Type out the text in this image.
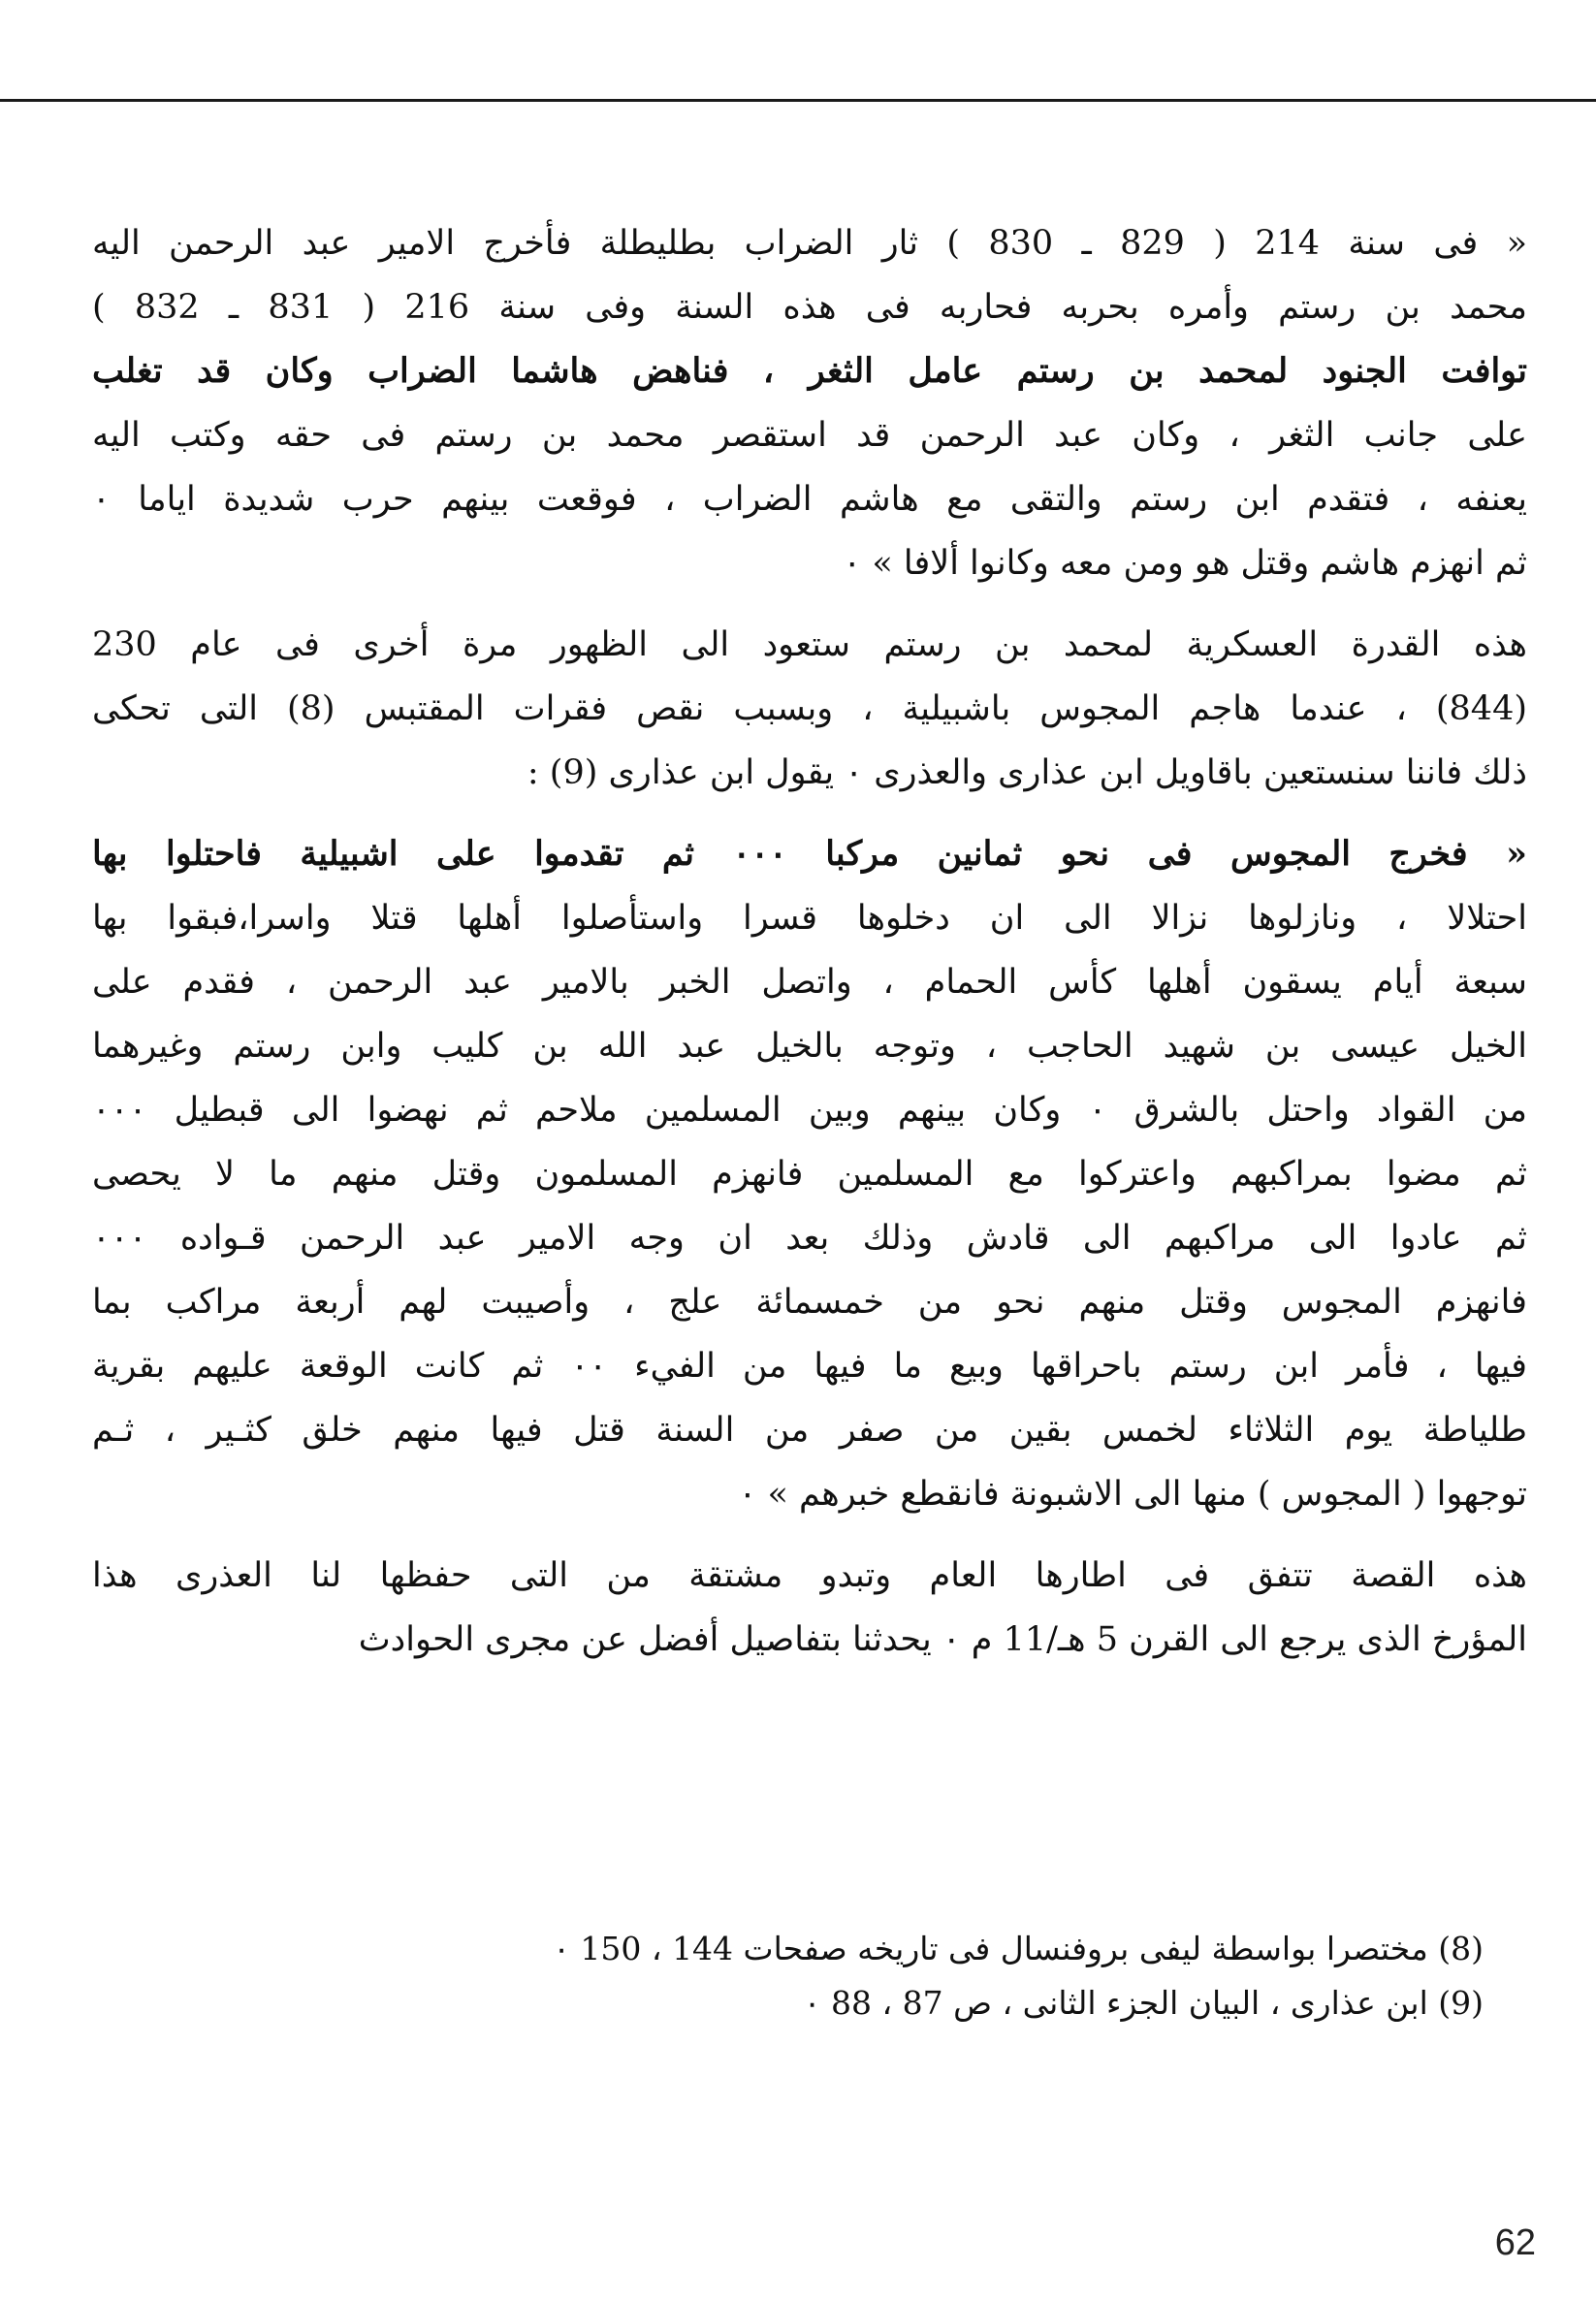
« فى سنة 214 ( 829 ـ 830 ) ثار الضراب بطليطلة فأخرج الامير عبد الرحمن اليه
محمد بن رستم وأمره بحربه فحاربه فى هذه السنة وفى سنة 216 ( 831 ـ 832 )
توافت الجنود لمحمد بن رستم عامل الثغر ، فناهض هاشما الضراب وكان قد تغلب
على جانب الثغر ، وكان عبد الرحمن قد استقصر محمد بن رستم فى حقه وكتب اليه
يعنفه ، فتقدم ابن رستم والتقى مع هاشم الضراب ، فوقعت بينهم حرب شديدة اياما ٠
ثم انهزم هاشم وقتل هو ومن معه وكانوا ألافا » ٠

هذه القدرة العسكرية لمحمد بن رستم ستعود الى الظهور مرة أخرى فى عام 230
(844) ، عندما هاجم المجوس باشبيلية ، وبسبب نقص فقرات المقتبس (8) التى تحكى
ذلك فاننا سنستعين باقاويل ابن عذارى والعذرى ٠ يقول ابن عذارى (9) :

« فخرج المجوس فى نحو ثمانين مركبا ٠٠٠ ثم تقدموا على اشبيلية فاحتلوا بها
احتلالا ، ونازلوها نزالا الى ان دخلوها قسرا واستأصلوا أهلها قتلا واسرا،فبقوا بها
سبعة أيام يسقون أهلها كأس الحمام ، واتصل الخبر بالامير عبد الرحمن ، فقدم على
الخيل عيسى بن شهيد الحاجب ، وتوجه بالخيل عبد الله بن كليب وابن رستم وغيرهما
من القواد واحتل بالشرق ٠ وكان بينهم وبين المسلمين ملاحم ثم نهضوا الى قبطيل ٠٠٠
ثم مضوا بمراكبهم واعتركوا مع المسلمين فانهزم المسلمون وقتل منهم ما لا يحصى
ثم عادوا الى مراكبهم الى قادش وذلك بعد ان وجه الامير عبد الرحمن قـواده ٠٠٠
فانهزم المجوس وقتل منهم نحو من خمسمائة علج ، وأصيبت لهم أربعة مراكب بما
فيها ، فأمر ابن رستم باحراقها وبيع ما فيها من الفيء ٠٠ ثم كانت الوقعة عليهم بقرية
طلياطة يوم الثلاثاء لخمس بقين من صفر من السنة قتل فيها منهم خلق كثـير ، ثـم
توجهوا ( المجوس ) منها الى الاشبونة فانقطع خبرهم » ٠

هذه القصة تتفق فى اطارها العام وتبدو مشتقة من التى حفظها لنا العذرى هذا
المؤرخ الذى يرجع الى القرن 5 هـ/11 م ٠ يحدثنا بتفاصيل أفضل عن مجرى الحوادث

(8) مختصرا بواسطة ليفى بروفنسال فى تاريخه صفحات 144 ، 150 ٠
(9) ابن عذارى ، البيان الجزء الثانى ، ص 87 ، 88 ٠
62
